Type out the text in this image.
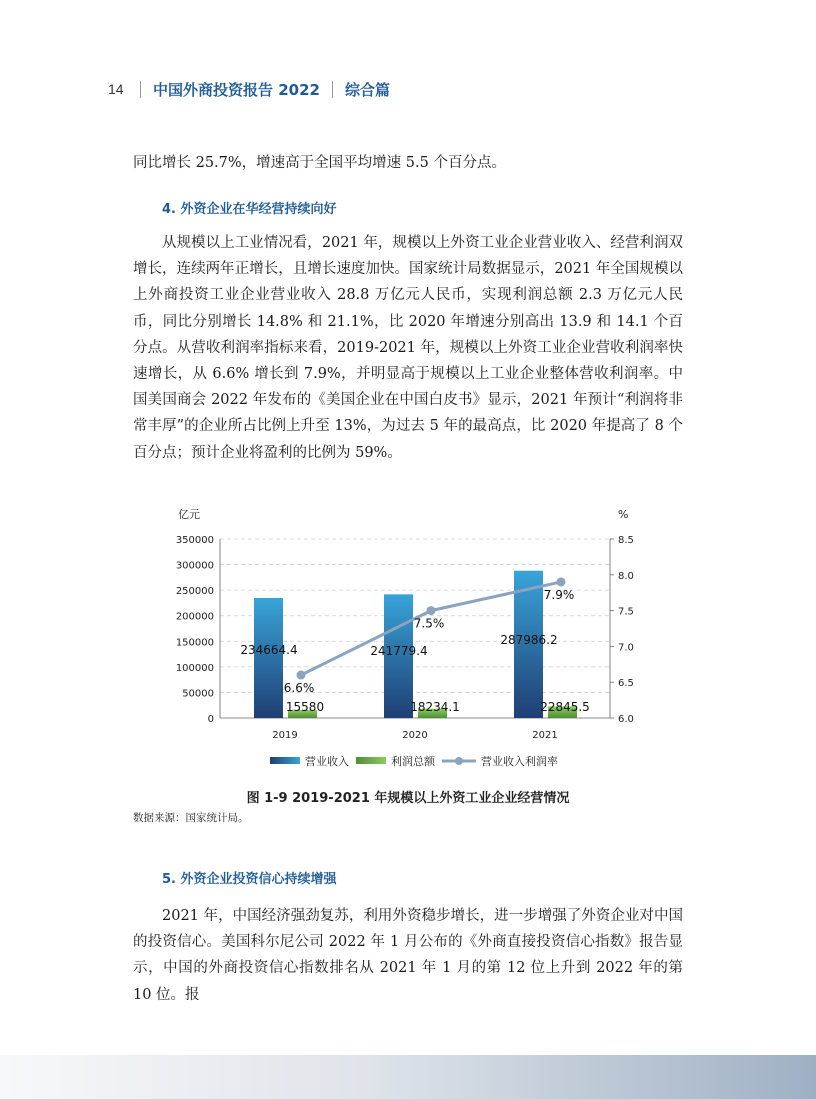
14 中国外商投资报告 2022 综合篇

同比增长 25.7%，增速高于全国平均增速 5.5 个百分点。

4. 外资企业在华经营持续向好

从规模以上工业情况看，2021 年，规模以上外资工业企业营业收入、经营利润双增长，连续两年正增长，且增长速度加快。国家统计局数据显示，2021 年全国规模以上外商投资工业企业营业收入 28.8 万亿元人民币，实现利润总额 2.3 万亿元人民币，同比分别增长 14.8% 和 21.1%，比 2020 年增速分别高出 13.9 和 14.1 个百分点。从营收利润率指标来看，2019-2021 年，规模以上外资工业企业营收利润率快速增长，从 6.6% 增长到 7.9%，并明显高于规模以上工业企业整体营收利润率。中国美国商会 2022 年发布的《美国企业在中国白皮书》显示，2021 年预计“利润将非常丰厚”的企业所占比例上升至 13%，为过去 5 年的最高点，比 2020 年提高了 8 个百分点；预计企业将盈利的比例为 59%。

0
50000
100000
150000
200000
250000
300000
350000
6.0
6.5
7.0
7.5
8.0
8.5
亿元	%
2019	2020	2021
234664.4
15580
6.6%
241779.4
18234.1
7.5%
287986.2
22845.5
7.9%
营业收入	利润总额	营业收入利润率
图 1-9 2019-2021 年规模以上外资工业企业经营情况
数据来源：国家统计局。
5. 外资企业投资信心持续增强

2021 年，中国经济强劲复苏，利用外资稳步增长，进一步增强了外资企业对中国的投资信心。美国科尔尼公司 2022 年 1 月公布的《外商直接投资信心指数》报告显示，中国的外商投资信心指数排名从 2021 年 1 月的第 12 位上升到 2022 年的第 10 位。报
